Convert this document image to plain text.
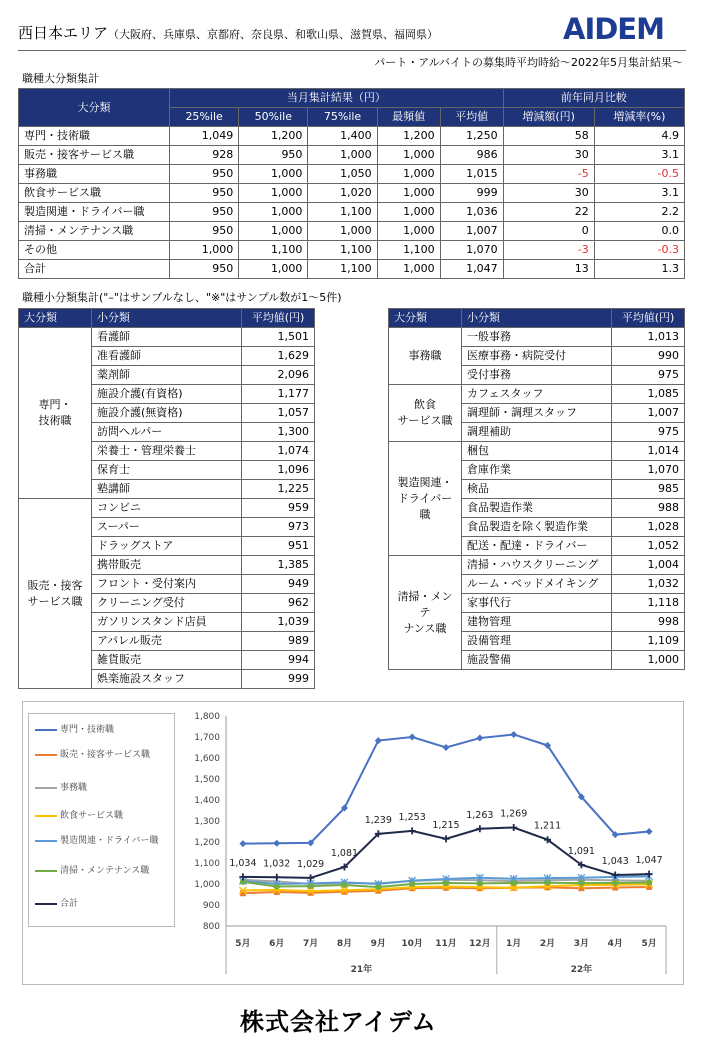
西日本エリア（大阪府、兵庫県、京都府、奈良県、和歌山県、滋賀県、福岡県）	AIDEM
パート・アルバイトの募集時平均時給～2022年5月集計結果～
職種大分類集計
大分類	当月集計結果（円）					前年同月比較	
	25%ile	50%ile	75%ile	最頻値	平均値	増減額(円)	増減率(%)
専門・技術職	1,049	1,200	1,400	1,200	1,250	58	4.9
販売・接客サービス職	928	950	1,000	1,000	986	30	3.1
事務職	950	1,000	1,050	1,000	1,015	-5	-0.5
飲食サービス職	950	1,000	1,020	1,000	999	30	3.1
製造関連・ドライバー職	950	1,000	1,100	1,000	1,036	22	2.2
清掃・メンテナンス職	950	1,000	1,000	1,000	1,007	0	0.0
その他	1,000	1,100	1,100	1,100	1,070	-3	-0.3
合計	950	1,000	1,100	1,000	1,047	13	1.3
職種小分類集計("–"はサンプルなし、"※"はサンプル数が1～5件)
大分類	小分類	平均値(円)
専門・
技術職	看護師	1,501
	准看護師	1,629
	薬剤師	2,096
	施設介護(有資格)	1,177
	施設介護(無資格)	1,057
	訪問ヘルパー	1,300
	栄養士・管理栄養士	1,074
	保育士	1,096
	塾講師	1,225
販売・接客
サービス職	コンビニ	959
	スーパー	973
	ドラッグストア	951
	携帯販売	1,385
	フロント・受付案内	949
	クリーニング受付	962
	ガソリンスタンド店員	1,039
	アパレル販売	989
	雑貨販売	994
	娯楽施設スタッフ	999
大分類	小分類	平均値(円)
事務職	一般事務	1,013
	医療事務・病院受付	990
	受付事務	975
飲食
サービス職	カフェスタッフ	1,085
	調理師・調理スタッフ	1,007
	調理補助	975
製造関連・
ドライバー職	梱包	1,014
	倉庫作業	1,070
	検品	985
	食品製造作業	988
	食品製造を除く製造作業	1,028
	配送・配達・ドライバー	1,052
清掃・メンテ
ナンス職	清掃・ハウスクリーニング	1,004
	ルーム・ベッドメイキング	1,032
	家事代行	1,118
	建物管理	998
	設備管理	1,109
	施設警備	1,000
専門・技術職
販売・接客サービス職
事務職
飲食サービス職
製造関連・ドライバー職
清掃・メンテナンス職
合計
800
900
1,000
1,100
1,200
1,300
1,400
1,500
1,600
1,700
1,800
5月 6月 7月 8月 9月 10月 11月 12月 1月 2月 3月 4月 5月
21年	22年
1,034 1,032 1,029
1,081
1,239 1,253
1,215
1,263 1,269
1,211
1,091
1,043 1,047
株式会社アイデム
